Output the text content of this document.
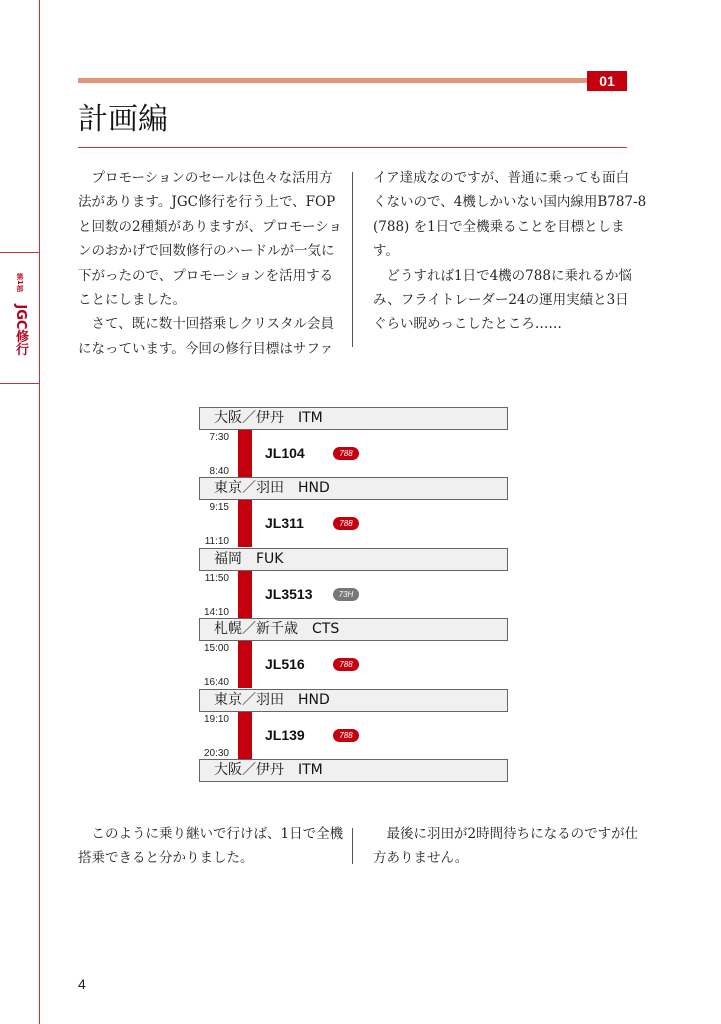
第1部 JGC修行
01
計画編
　プロモーションのセールは色々な活用方
法があります。JGC修行を行う上で、FOP
と回数の2種類がありますが、プロモーショ
ンのおかげで回数修行のハードルが一気に
下がったので、プロモーションを活用する
ことにしました。
　さて、既に数十回搭乗しクリスタル会員
になっています。今回の修行目標はサファ
イア達成なのですが、普通に乗っても面白
くないので、4機しかいない国内線用B787-8
(788) を1日で全機乗ることを目標としま
す。
　どうすれば1日で4機の788に乗れるか悩
み、フライトレーダー24の運用実績と3日
ぐらい睨めっこしたところ……
大阪／伊丹　ITM
東京／羽田　HND
福岡　FUK
札幌／新千歳　CTS
東京／羽田　HND
大阪／伊丹　ITM
7:30
8:40
JL104	788
9:15
11:10
JL311	788
11:50
14:10
JL3513	73H
15:00
16:40
JL516	788
19:10
20:30
JL139	788
　このように乗り継いで行けば、1日で全機
搭乗できると分かりました。
　最後に羽田が2時間待ちになるのですが仕
方ありません。
4
